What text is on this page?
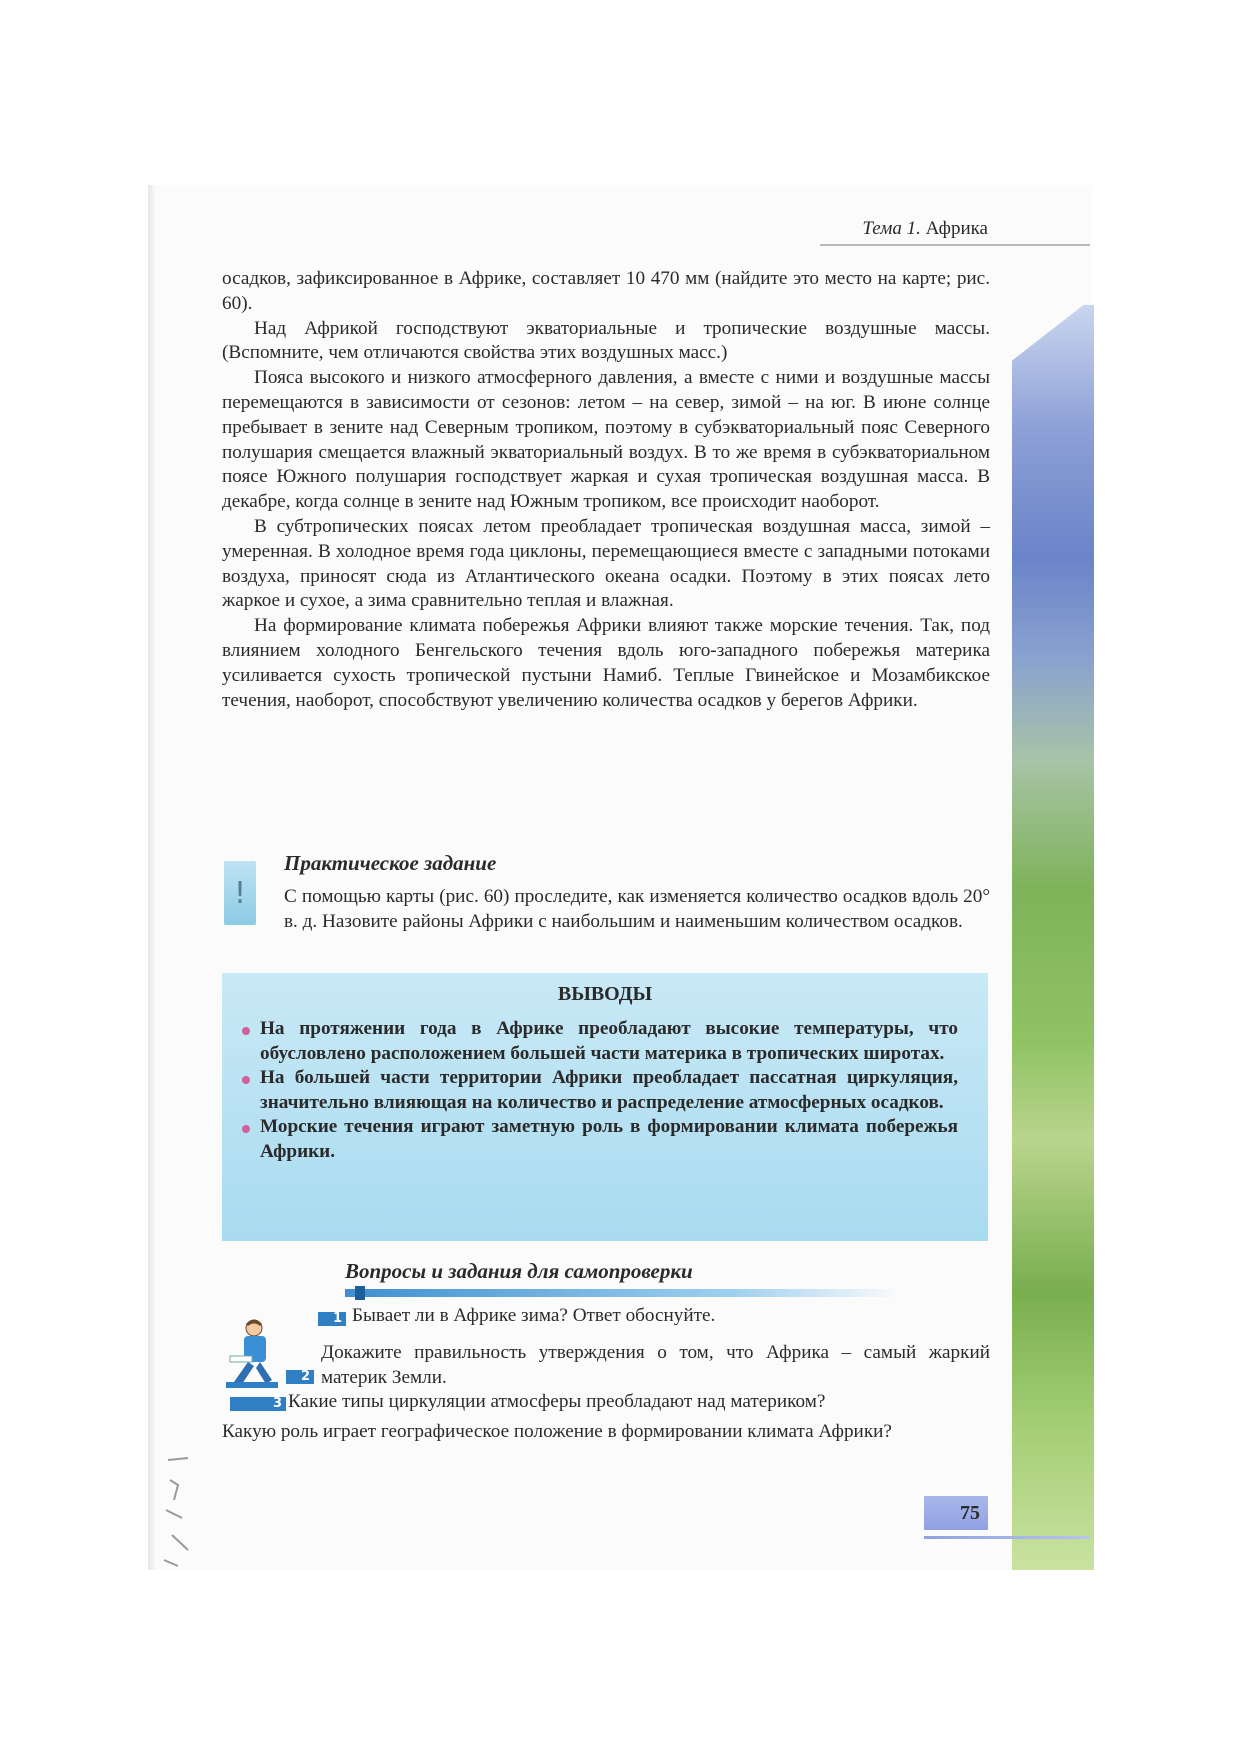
Тема 1. Африка

осадков, зафиксированное в Африке, составляет 10 470 мм (найдите это место на карте; рис. 60).

Над Африкой господствуют экваториальные и тропические воздушные массы. (Вспомните, чем отличаются свойства этих воздушных масс.)

Пояса высокого и низкого атмосферного давления, а вместе с ними и воздушные массы перемещаются в зависимости от сезонов: летом – на север, зимой – на юг. В июне солнце пребывает в зените над Северным тропиком, поэтому в субэкваториальный пояс Северного полушария смещается влажный экваториальный воздух. В то же время в субэкваториальном поясе Южного полушария господствует жаркая и сухая тропическая воздушная масса. В декабре, когда солнце в зените над Южным тропиком, все происходит наоборот.

В субтропических поясах летом преобладает тропическая воздушная масса, зимой – умеренная. В холодное время года циклоны, перемещающиеся вместе с западными потоками воздуха, приносят сюда из Атлантического океана осадки. Поэтому в этих поясах лето жаркое и сухое, а зима сравнительно теплая и влажная.

На формирование климата побережья Африки влияют также морские течения. Так, под влиянием холодного Бенгельского течения вдоль юго-западного побережья материка усиливается сухость тропической пустыни Намиб. Теплые Гвинейское и Мозамбикское течения, наоборот, способствуют увеличению количества осадков у берегов Африки.

!
Практическое задание
С помощью карты (рис. 60) проследите, как изменяется количество осадков вдоль 20° в. д. Назовите районы Африки с наибольшим и наименьшим количеством осадков.
ВЫВОДЫ
На протяжении года в Африке преобладают высокие температуры, что обусловлено расположением большей части материка в тропических широтах.
На большей части территории Африки преобладает пассатная циркуляция, значительно влияющая на количество и распределение атмосферных осадков.
Морские течения играют заметную роль в формировании климата побережья Африки.
Вопросы и задания для самопроверки
1 Бывает ли в Африке зима? Ответ обоснуйте.
2
Докажите правильность утверждения о том, что Африка – самый жаркий материк Земли.
3 Какие типы циркуляции атмосферы преобладают над материком?
Какую роль играет географическое положение в формировании климата Африки?
75
